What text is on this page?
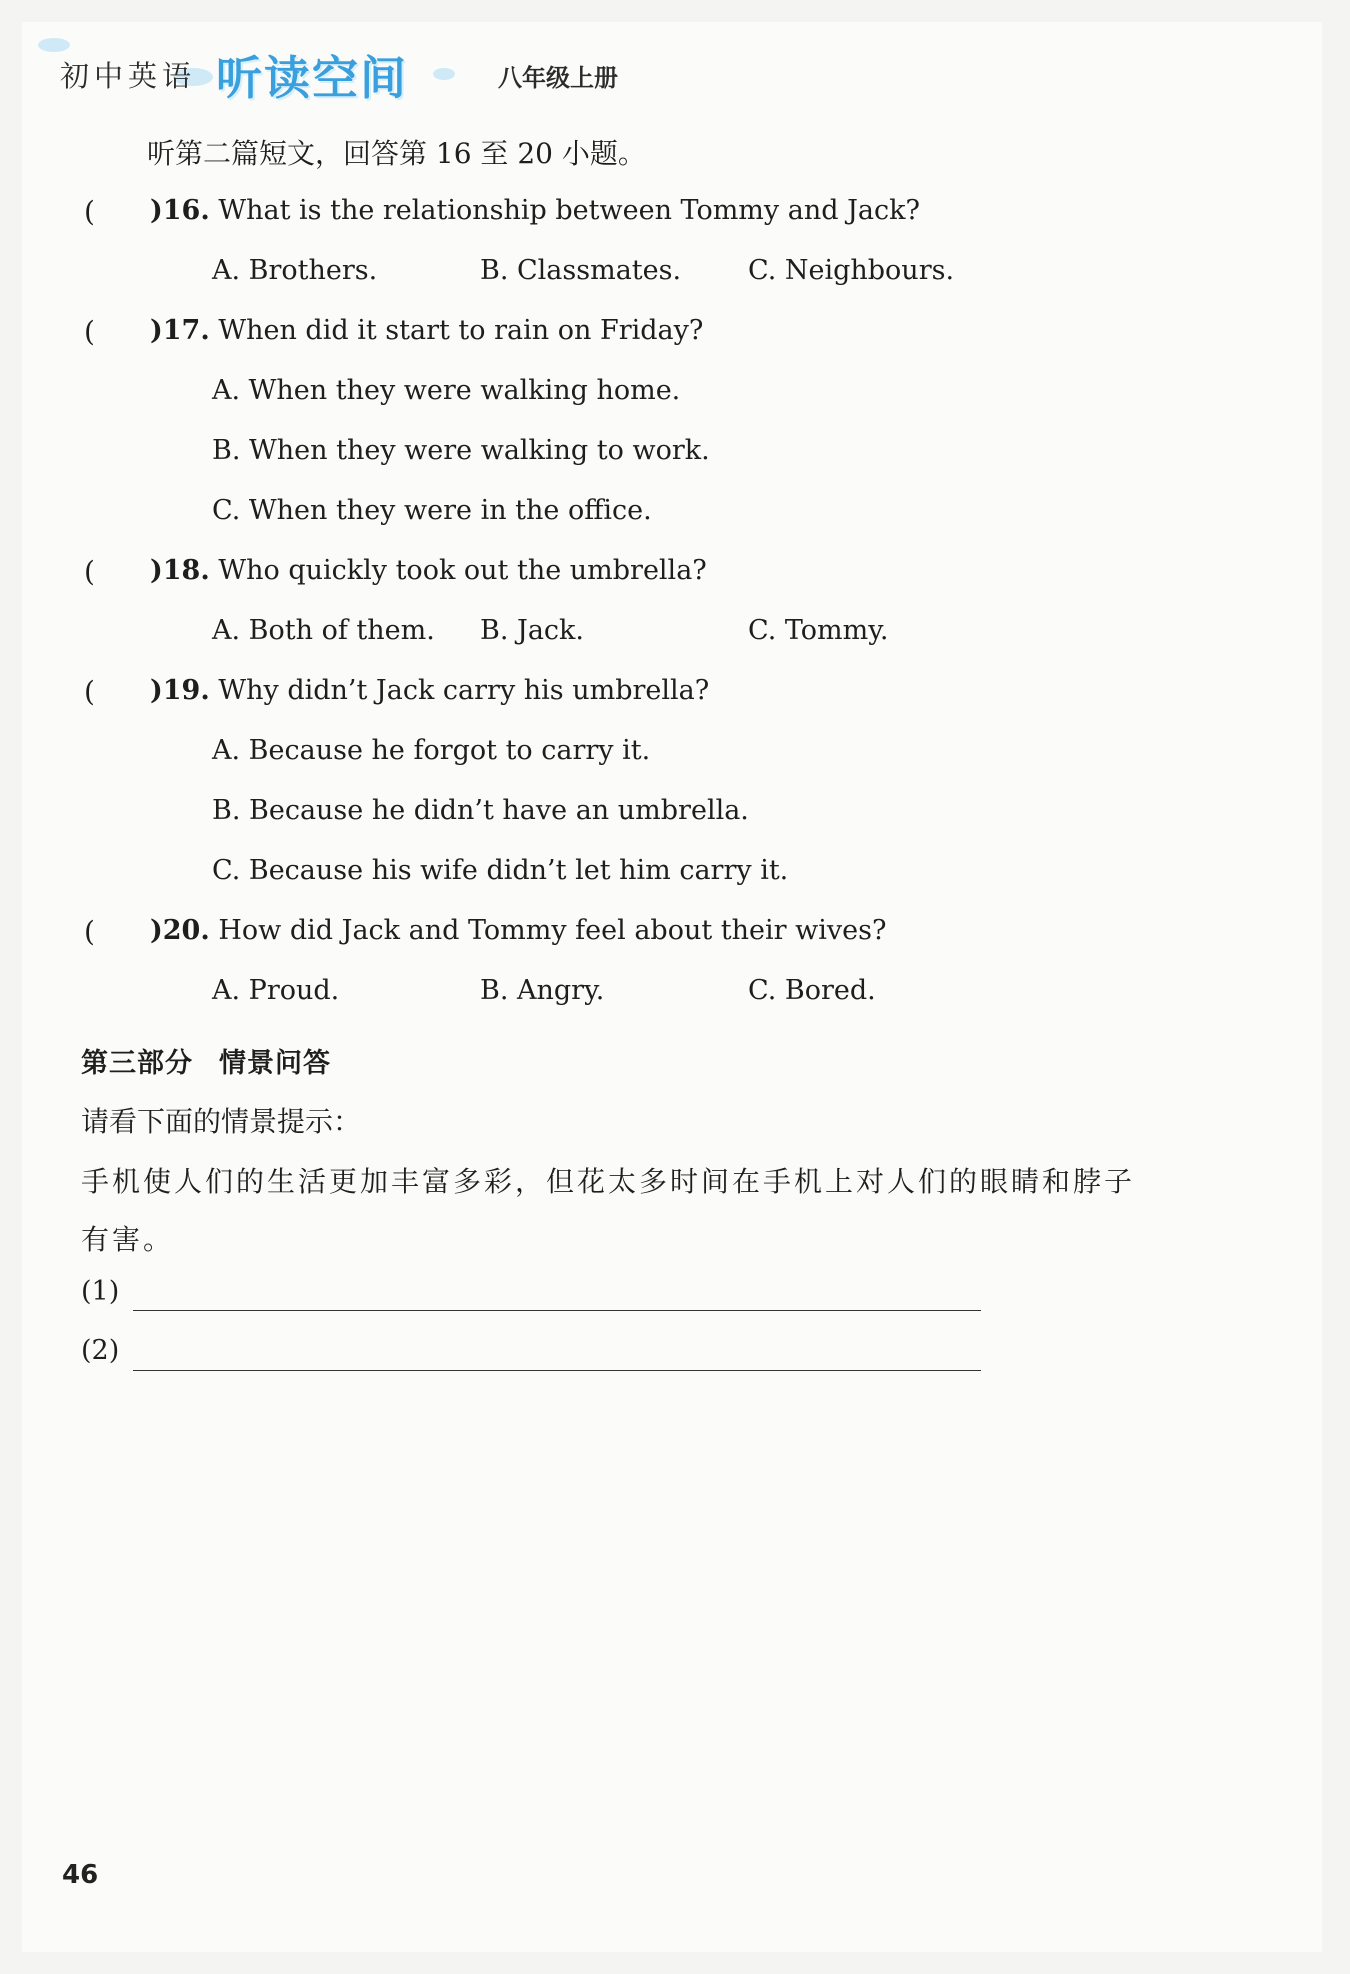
初中英语 听读空间	八年级上册
听第二篇短文，回答第 16 至 20 小题。
( )16. What is the relationship between Tommy and Jack?
A. Brothers.	B. Classmates. C. Neighbours.
( )17. When did it start to rain on Friday?
A. When they were walking home.
B. When they were walking to work.
C. When they were in the office.
( )18. Who quickly took out the umbrella?
A. Both of them. B. Jack.	C. Tommy.
( )19. Why didn’t Jack carry his umbrella?
A. Because he forgot to carry it.
B. Because he didn’t have an umbrella.
C. Because his wife didn’t let him carry it.
( )20. How did Jack and Tommy feel about their wives?
A. Proud.	B. Angry.	C. Bored.
第三部分 情景问答
请看下面的情景提示：
手机使人们的生活更加丰富多彩，但花太多时间在手机上对人们的眼睛和脖子
有害。
(1)
(2)
46
